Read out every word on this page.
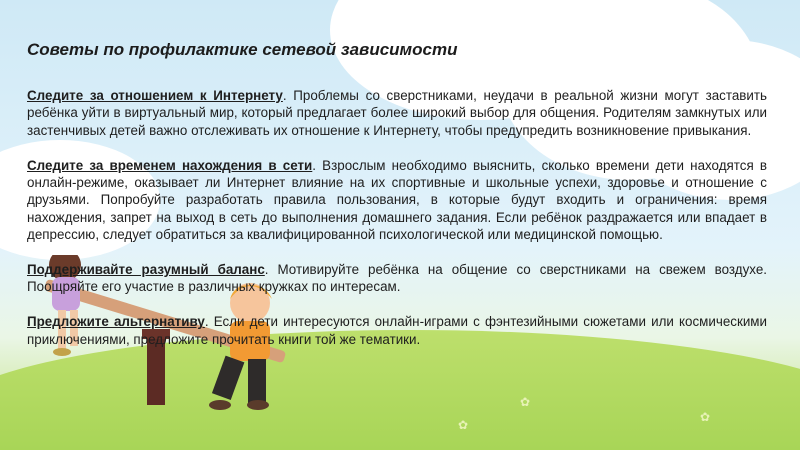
✿
✿
✿
Советы по профилактике сетевой зависимости

Следите за отношением к Интернету. Проблемы со сверстниками, неудачи в реальной жизни могут заставить ребёнка уйти в виртуальный мир, который предлагает более широкий выбор для общения. Родителям замкнутых или застенчивых детей важно отслеживать их отношение к Интернету, чтобы предупредить возникновение привыкания.

Следите за временем нахождения в сети. Взрослым необходимо выяснить, сколько времени дети находятся в онлайн-режиме, оказывает ли Интернет влияние на их спортивные и школьные успехи, здоровье и отношение с друзьями. Попробуйте разработать правила пользования, в которые будут входить и ограничения: время нахождения, запрет на выход в сеть до выполнения домашнего задания. Если ребёнок раздражается или впадает в депрессию, следует обратиться за квалифицированной психологической или медицинской помощью.

Поддерживайте разумный баланс. Мотивируйте ребёнка на общение со сверстниками на свежем воздухе. Поощряйте его участие в различных кружках по интересам.

Предложите альтернативу. Если дети интересуются онлайн-играми с фэнтезийными сюжетами или космическими приключениями, предложите прочитать книги той же тематики.
